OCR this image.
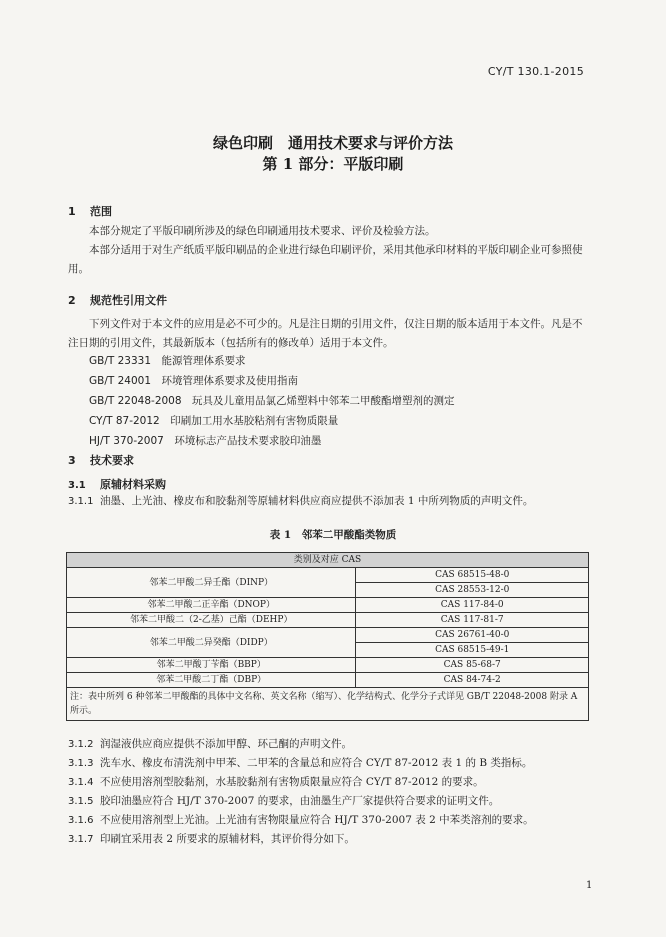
CY/T 130.1-2015
绿色印刷　通用技术要求与评价方法
第 1 部分：平版印刷
1 范围
本部分规定了平版印刷所涉及的绿色印刷通用技术要求、评价及检验方法。
本部分适用于对生产纸质平版印刷品的企业进行绿色印刷评价，采用其他承印材料的平版印刷企业可参照使用。
2 规范性引用文件
下列文件对于本文件的应用是必不可少的。凡是注日期的引用文件，仅注日期的版本适用于本文件。凡是不注日期的引用文件，其最新版本（包括所有的修改单）适用于本文件。
GB/T 23331　 能源管理体系要求
GB/T 24001　 环境管理体系要求及使用指南
GB/T 22048-2008　 玩具及儿童用品氯乙烯塑料中邻苯二甲酸酯增塑剂的测定
CY/T 87-2012　 印刷加工用水基胶粘剂有害物质限量
HJ/T 370-2007　 环境标志产品技术要求胶印油墨
3 技术要求
3.1 原辅材料采购
3.1.1 油墨、上光油、橡皮布和胶黏剂等原辅材料供应商应提供不添加表 1 中所列物质的声明文件。
表 1　邻苯二甲酸酯类物质
类别及对应 CAS	
邻苯二甲酸二异壬酯（DINP）	CAS 68515-48-0
	CAS 28553-12-0
邻苯二甲酸二正辛酯（DNOP）	CAS 117-84-0
邻苯二甲酸二（2-乙基）己酯（DEHP）	CAS 117-81-7
邻苯二甲酸二异癸酯（DIDP）	CAS 26761-40-0
	CAS 68515-49-1
邻苯二甲酸丁苄酯（BBP）	CAS 85-68-7
邻苯二甲酸二丁酯（DBP）	CAS 84-74-2
注：表中所列 6 种邻苯二甲酸酯的具体中文名称、英文名称（缩写）、化学结构式、化学分子式详见 GB/T 22048-2008 附录 A 所示。	
3.1.2 润湿液供应商应提供不添加甲醇、环己酮的声明文件。
3.1.3 洗车水、橡皮布清洗剂中甲苯、二甲苯的含量总和应符合 CY/T 87-2012 表 1 的 B 类指标。
3.1.4 不应使用溶剂型胶黏剂，水基胶黏剂有害物质限量应符合 CY/T 87-2012 的要求。
3.1.5 胶印油墨应符合 HJ/T 370-2007 的要求，由油墨生产厂家提供符合要求的证明文件。
3.1.6 不应使用溶剂型上光油。上光油有害物限量应符合 HJ/T 370-2007 表 2 中苯类溶剂的要求。
3.1.7 印刷宜采用表 2 所要求的原辅材料，其评价得分如下。
1
